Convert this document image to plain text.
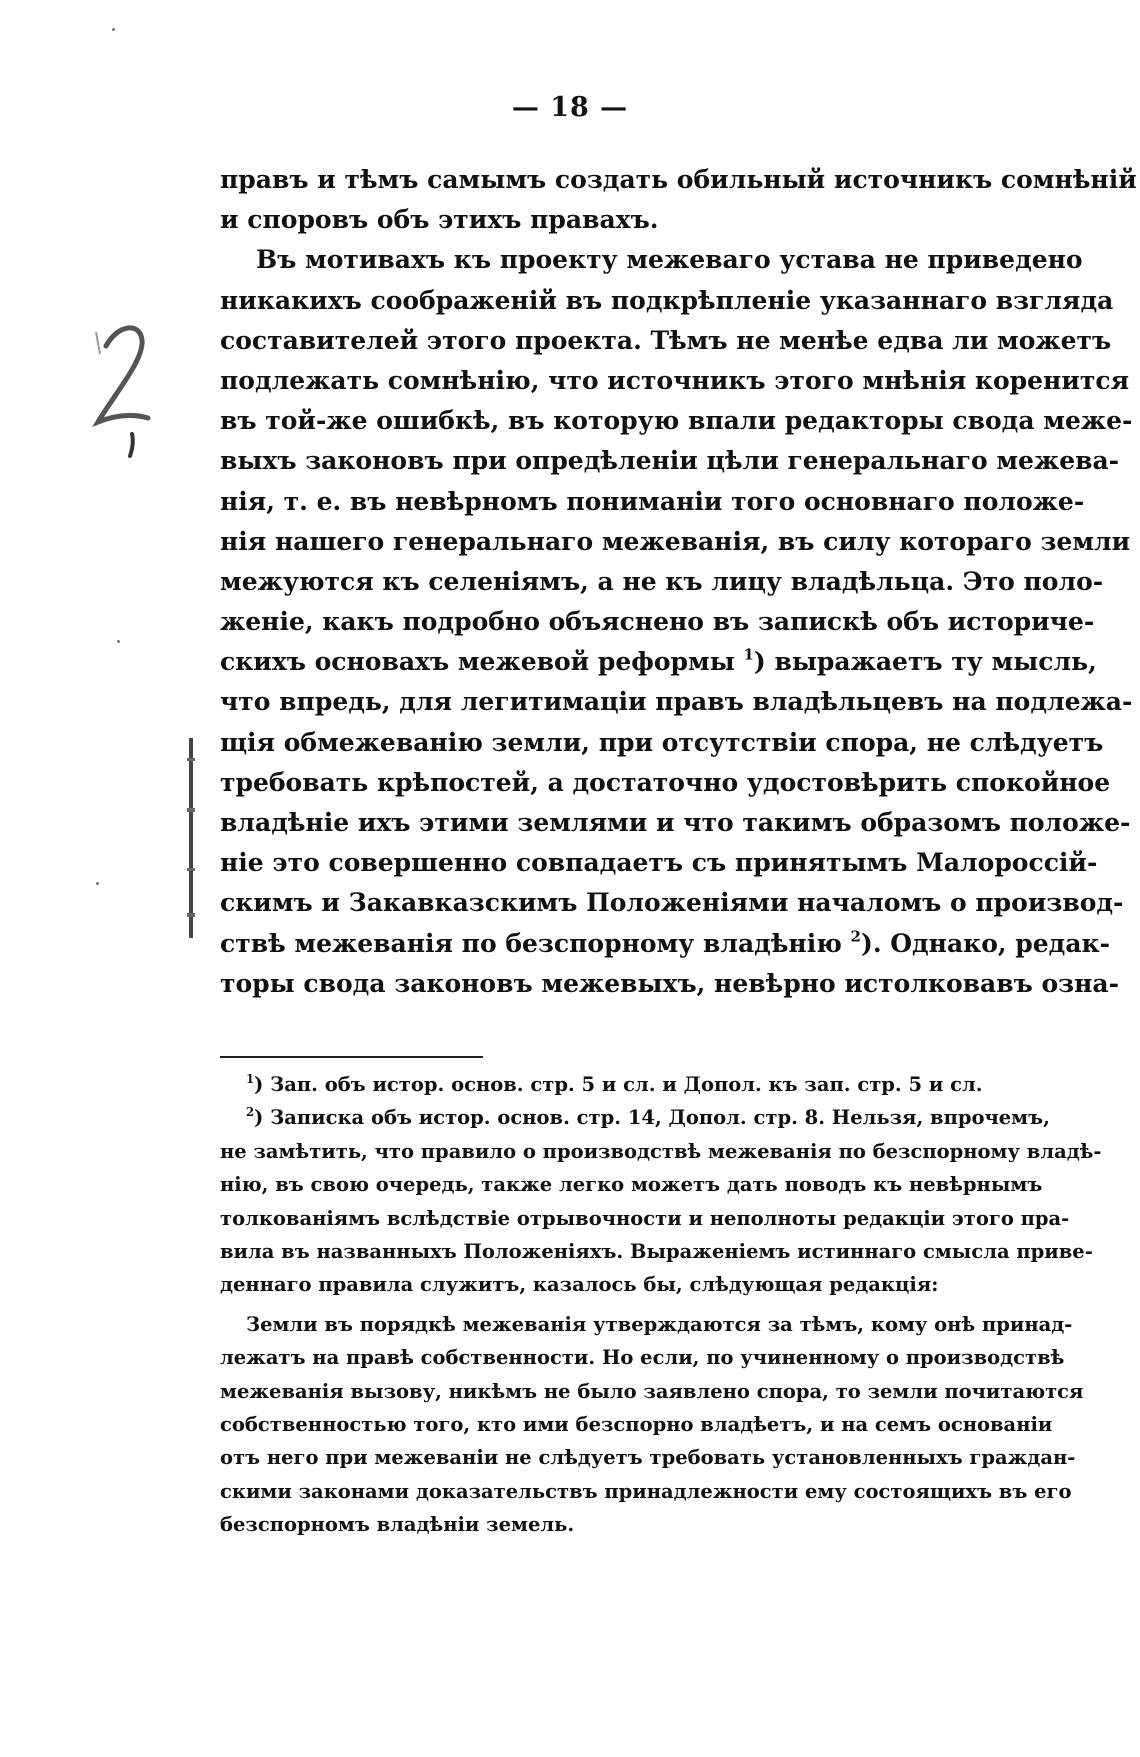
— 18 —
правъ и тѣмъ самымъ создать обильный источникъ сомнѣній
и споровъ объ этихъ правахъ.
Въ мотивахъ къ проекту межеваго устава не приведено
никакихъ соображеній въ подкрѣпленіе указаннаго взгляда
составителей этого проекта. Тѣмъ не менѣе едва ли можетъ
подлежать сомнѣнію, что источникъ этого мнѣнія коренится
въ той-же ошибкѣ, въ которую впали редакторы свода меже-
выхъ законовъ при опредѣленіи цѣли генеральнаго межева-
нія, т. е. въ невѣрномъ пониманіи того основнаго положе-
нія нашего генеральнаго межеванія, въ силу котораго земли
межуются къ селеніямъ, а не къ лицу владѣльца. Это поло-
женіе, какъ подробно объяснено въ запискѣ объ историче-
скихъ основахъ межевой реформы $^1$) выражаетъ ту мысль,
что впредь, для легитимаціи правъ владѣльцевъ на подлежа-
щія обмежеванію земли, при отсутствіи спора, не слѣдуетъ
требовать крѣпостей, а достаточно удостовѣрить спокойное
владѣніе ихъ этими землями и что такимъ образомъ положе-
ніе это совершенно совпадаетъ съ принятымъ Малороссій-
скимъ и Закавказскимъ Положеніями началомъ о производ-
ствѣ межеванія по безспорному владѣнію $^2$). Однако, редак-
торы свода законовъ межевыхъ, невѣрно истолковавъ озна-
$^1$) Зап. объ истор. основ. стр. 5 и сл. и Допол. къ зап. стр. 5 и сл.
$^2$) Записка объ истор. основ. стр. 14, Допол. стр. 8. Нельзя, впрочемъ,
не замѣтить, что правило о производствѣ межеванія по безспорному владѣ-
нію, въ свою очередь, также легко можетъ дать поводъ къ невѣрнымъ
толкованіямъ вслѣдствіе отрывочности и неполноты редакціи этого пра-
вила въ названныхъ Положеніяхъ. Выраженіемъ истиннаго смысла приве-
деннаго правила служитъ, казалось бы, слѣдующая редакція:
Земли въ порядкѣ межеванія утверждаются за тѣмъ, кому онѣ принад-
лежатъ на правѣ собственности. Но если, по учиненному о производствѣ
межеванія вызову, никѣмъ не было заявлено спора, то земли почитаются
собственностью того, кто ими безспорно владѣетъ, и на семъ основаніи
отъ него при межеваніи не слѣдуетъ требовать установленныхъ граждан-
скими законами доказательствъ принадлежности ему состоящихъ въ его
безспорномъ владѣніи земель.
